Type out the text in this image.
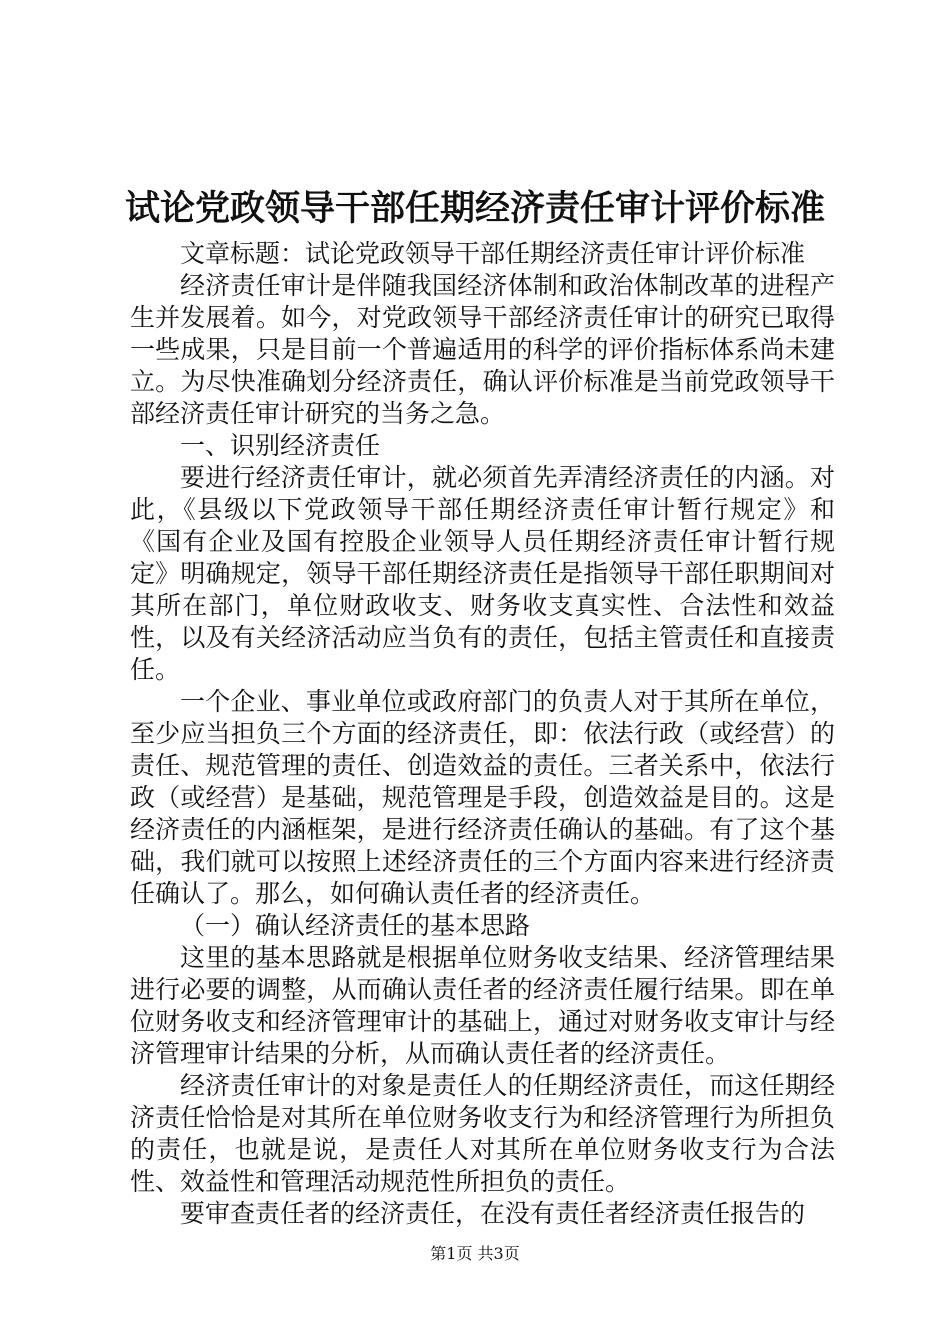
试论党政领导干部任期经济责任审计评价标准

文章标题：试论党政领导干部任期经济责任审计评价标准

经济责任审计是伴随我国经济体制和政治体制改革的进程产生并发展着。如今，对党政领导干部经济责任审计的研究已取得一些成果，只是目前一个普遍适用的科学的评价指标体系尚未建立。为尽快准确划分经济责任，确认评价标准是当前党政领导干部经济责任审计研究的当务之急。

一、识别经济责任

要进行经济责任审计，就必须首先弄清经济责任的内涵。对此，《县级以下党政领导干部任期经济责任审计暂行规定》和《国有企业及国有控股企业领导人员任期经济责任审计暂行规定》明确规定，领导干部任期经济责任是指领导干部任职期间对其所在部门，单位财政收支、财务收支真实性、合法性和效益性，以及有关经济活动应当负有的责任，包括主管责任和直接责任。

一个企业、事业单位或政府部门的负责人对于其所在单位，至少应当担负三个方面的经济责任，即：依法行政（或经营）的责任、规范管理的责任、创造效益的责任。三者关系中，依法行政（或经营）是基础，规范管理是手段，创造效益是目的。这是经济责任的内涵框架，是进行经济责任确认的基础。有了这个基础，我们就可以按照上述经济责任的三个方面内容来进行经济责任确认了。那么，如何确认责任者的经济责任。

（一）确认经济责任的基本思路

这里的基本思路就是根据单位财务收支结果、经济管理结果进行必要的调整，从而确认责任者的经济责任履行结果。即在单位财务收支和经济管理审计的基础上，通过对财务收支审计与经济管理审计结果的分析，从而确认责任者的经济责任。

经济责任审计的对象是责任人的任期经济责任，而这任期经济责任恰恰是对其所在单位财务收支行为和经济管理行为所担负的责任，也就是说，是责任人对其所在单位财务收支行为合法性、效益性和管理活动规范性所担负的责任。

要审查责任者的经济责任，在没有责任者经济责任报告的

第1页 共3页
